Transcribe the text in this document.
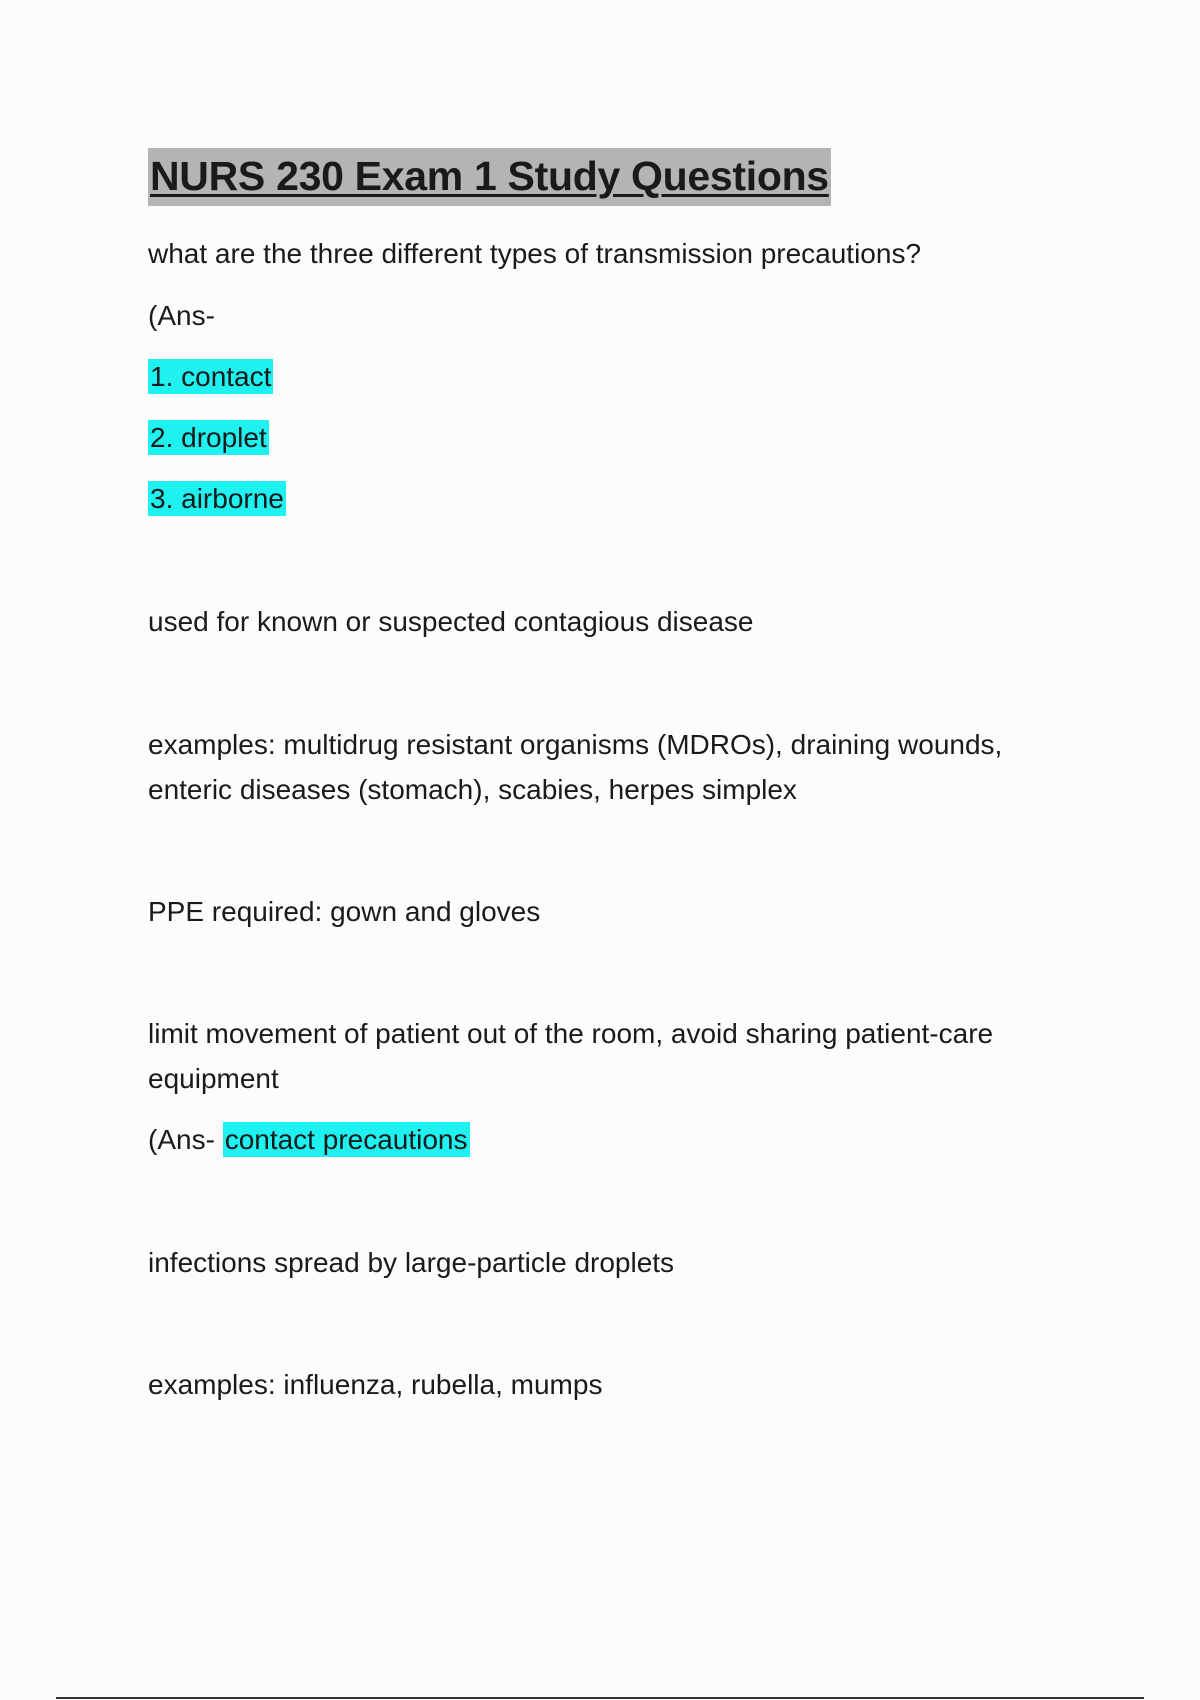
NURS 230 Exam 1 Study Questions

what are the three different types of transmission precautions?

(Ans-

1. contact

2. droplet

3. airborne

used for known or suspected contagious disease

examples: multidrug resistant organisms (MDROs), draining wounds,

enteric diseases (stomach), scabies, herpes simplex

PPE required: gown and gloves

limit movement of patient out of the room, avoid sharing patient-care

equipment

(Ans- contact precautions

infections spread by large-particle droplets

examples: influenza, rubella, mumps
